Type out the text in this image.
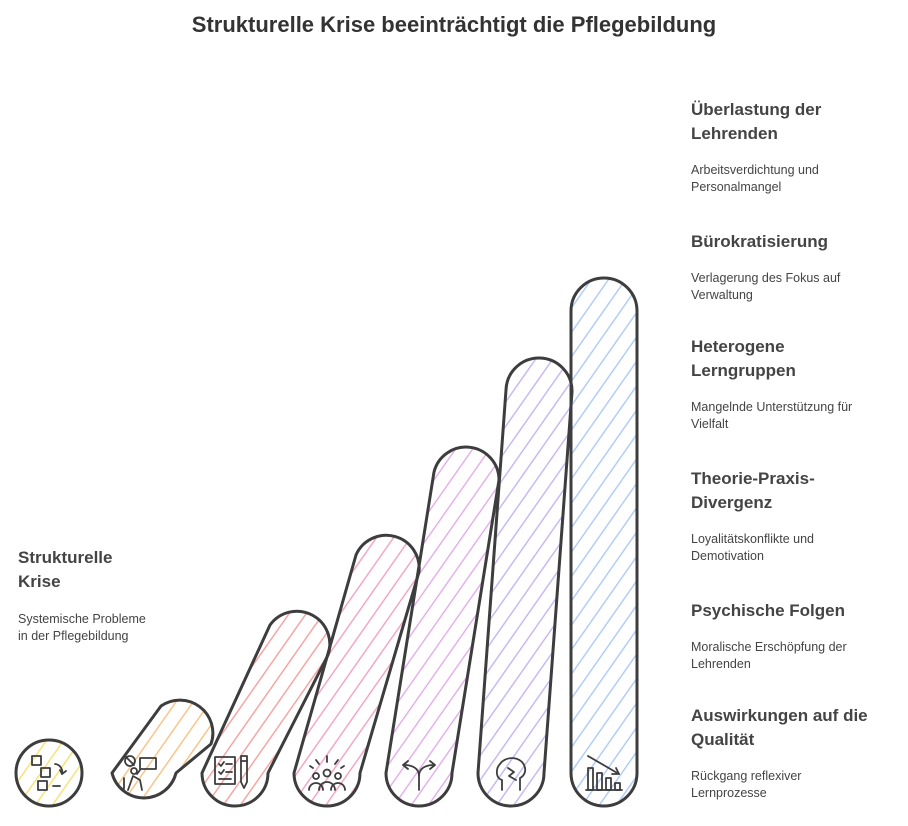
Strukturelle Krise beeinträchtigt die Pflegebildung
Strukturelle
Krise

Systemische Probleme
in der Pflegebildung

Überlastung der
Lehrenden

Arbeitsverdichtung und
Personalmangel

Bürokratisierung

Verlagerung des Fokus auf
Verwaltung

Heterogene
Lerngruppen

Mangelnde Unterstützung für
Vielfalt

Theorie-Praxis-
Divergenz

Loyalitätskonflikte und
Demotivation

Psychische Folgen

Moralische Erschöpfung der
Lehrenden

Auswirkungen auf die
Qualität

Rückgang reflexiver
Lernprozesse
